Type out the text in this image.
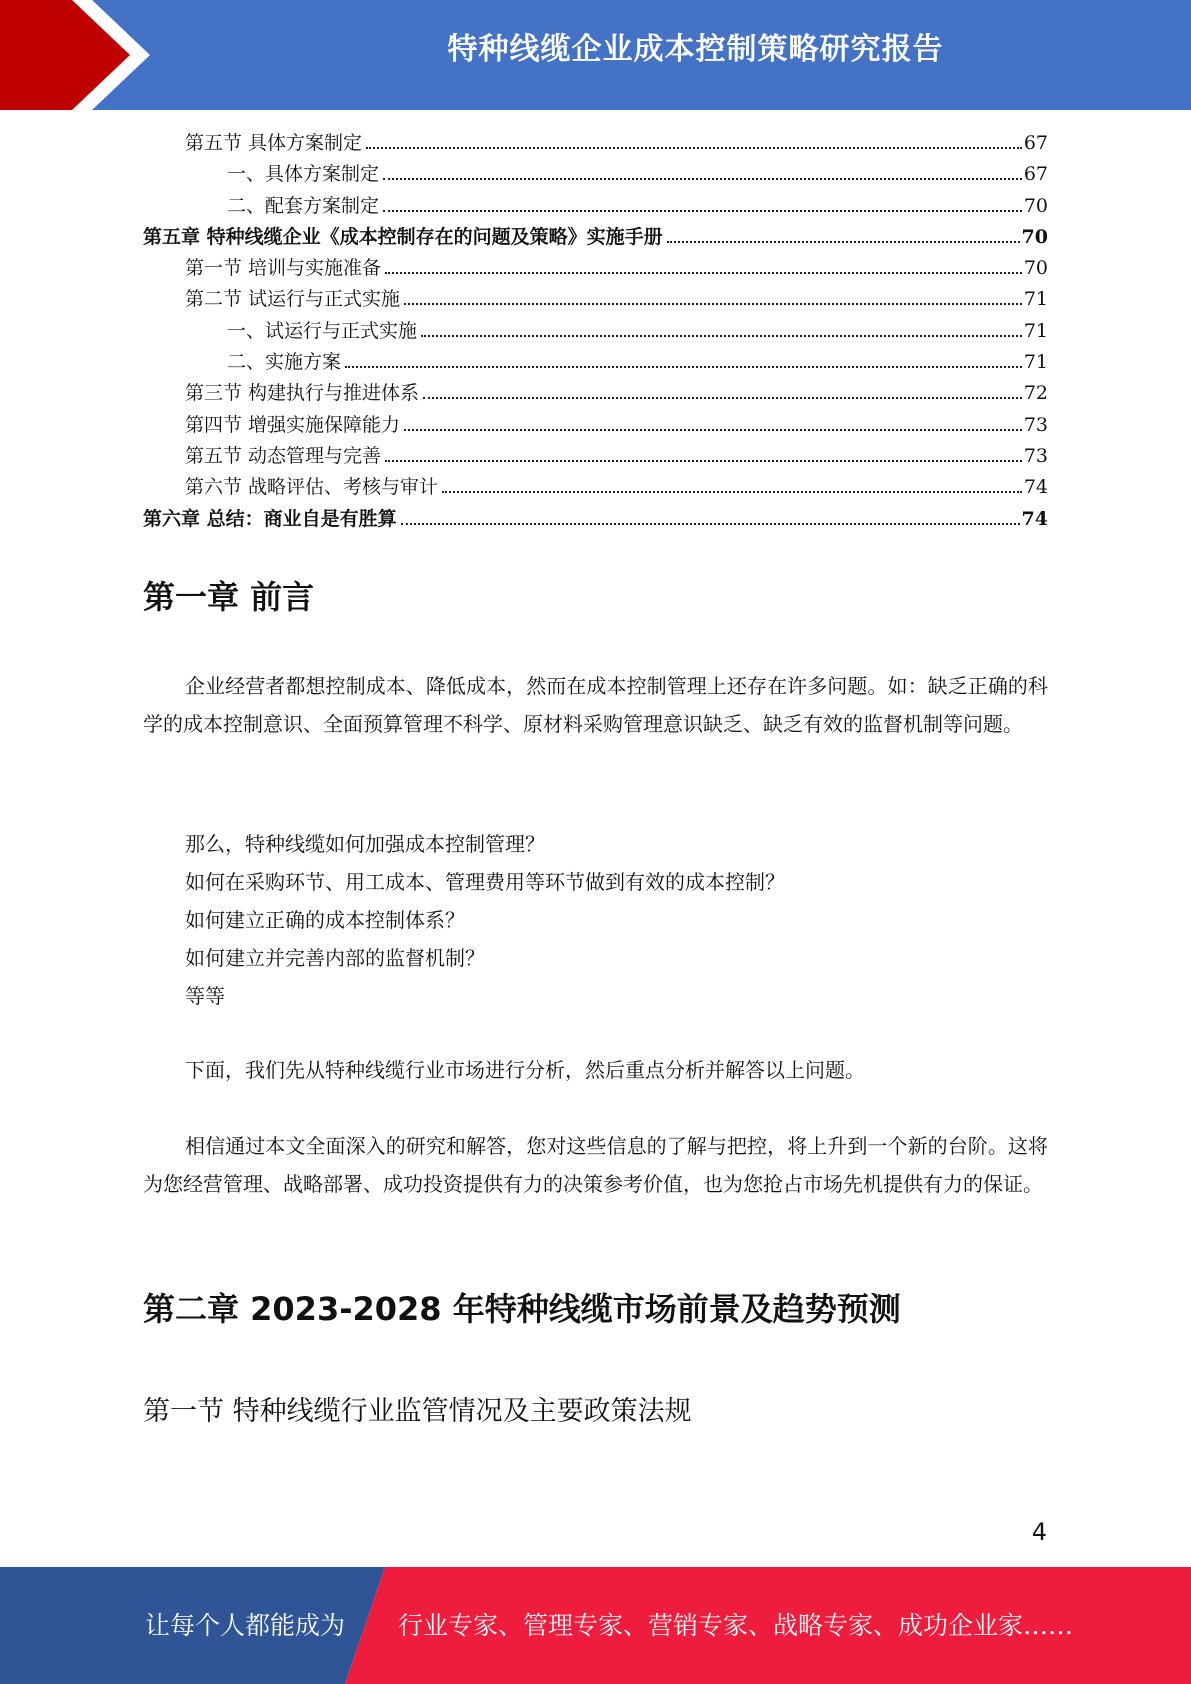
特种线缆企业成本控制策略研究报告
第五节 具体方案制定	67
一、具体方案制定	67
二、配套方案制定	70
第五章 特种线缆企业《成本控制存在的问题及策略》实施手册	70
第一节 培训与实施准备	70
第二节 试运行与正式实施	71
一、试运行与正式实施	71
二、实施方案	71
第三节 构建执行与推进体系	72
第四节 增强实施保障能力	73
第五节 动态管理与完善	73
第六节 战略评估、考核与审计	74
第六章 总结：商业自是有胜算	74
第一章 前言
企业经营者都想控制成本、降低成本，然而在成本控制管理上还存在许多问题。如：缺乏正确的科学的成本控制意识、全面预算管理不科学、原材料采购管理意识缺乏、缺乏有效的监督机制等问题。
那么，特种线缆如何加强成本控制管理？
如何在采购环节、用工成本、管理费用等环节做到有效的成本控制？
如何建立正确的成本控制体系？
如何建立并完善内部的监督机制？
等等
下面，我们先从特种线缆行业市场进行分析，然后重点分析并解答以上问题。
相信通过本文全面深入的研究和解答，您对这些信息的了解与把控，将上升到一个新的台阶。这将为您经营管理、战略部署、成功投资提供有力的决策参考价值，也为您抢占市场先机提供有力的保证。
第二章 2023-2028 年特种线缆市场前景及趋势预测
第一节 特种线缆行业监管情况及主要政策法规
4
让每个人都能成为 行业专家、管理专家、营销专家、战略专家、成功企业家……
